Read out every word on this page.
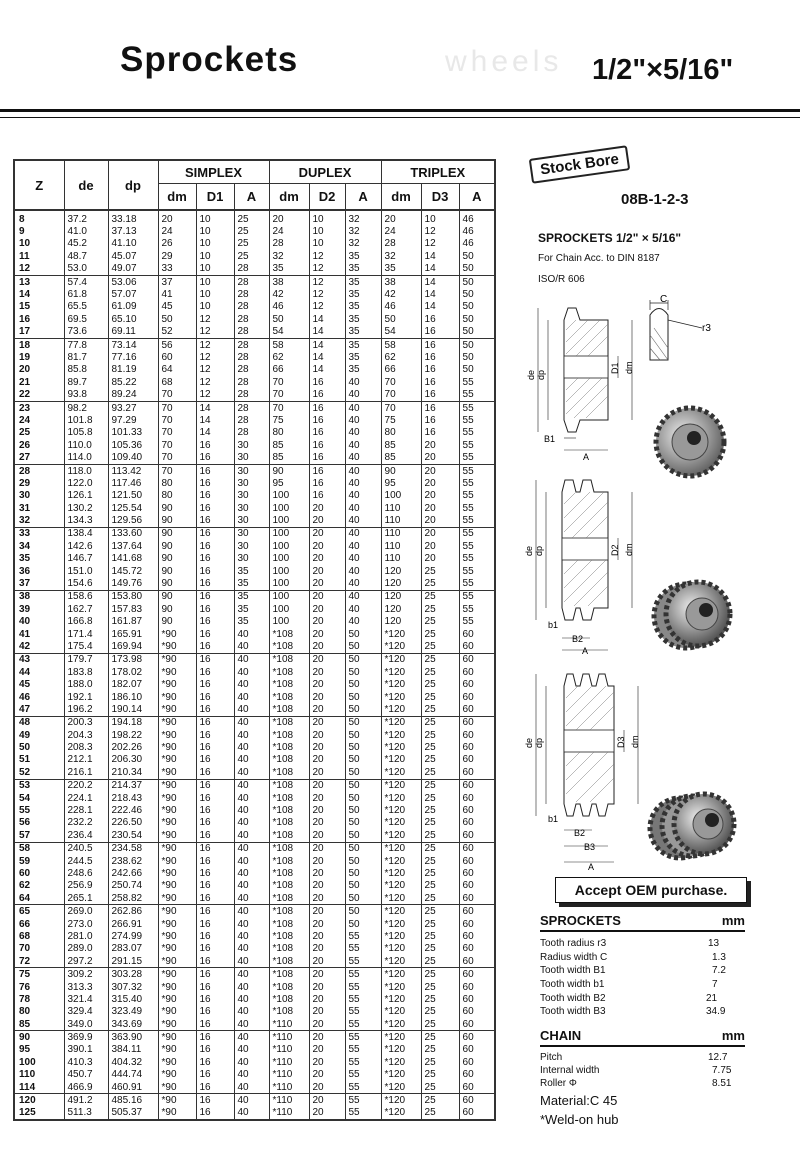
Sprockets	wheels 1/2"×5/16"
Z	de	dp	SIMPLEX			DUPLEX			TRIPLEX		
			dm	D1	A	dm	D2	A	dm	D3	A
8	37.2	33.18	20	10	25	20	10	32	20	10	46
9	41.0	37.13	24	10	25	24	10	32	24	12	46
10	45.2	41.10	26	10	25	28	10	32	28	12	46
11	48.7	45.07	29	10	25	32	12	35	32	14	50
12	53.0	49.07	33	10	28	35	12	35	35	14	50
13	57.4	53.06	37	10	28	38	12	35	38	14	50
14	61.8	57.07	41	10	28	42	12	35	42	14	50
15	65.5	61.09	45	10	28	46	12	35	46	14	50
16	69.5	65.10	50	12	28	50	14	35	50	16	50
17	73.6	69.11	52	12	28	54	14	35	54	16	50
18	77.8	73.14	56	12	28	58	14	35	58	16	50
19	81.7	77.16	60	12	28	62	14	35	62	16	50
20	85.8	81.19	64	12	28	66	14	35	66	16	50
21	89.7	85.22	68	12	28	70	16	40	70	16	55
22	93.8	89.24	70	12	28	70	16	40	70	16	55
23	98.2	93.27	70	14	28	70	16	40	70	16	55
24	101.8	97.29	70	14	28	75	16	40	75	16	55
25	105.8	101.33	70	14	28	80	16	40	80	16	55
26	110.0	105.36	70	16	30	85	16	40	85	20	55
27	114.0	109.40	70	16	30	85	16	40	85	20	55
28	118.0	113.42	70	16	30	90	16	40	90	20	55
29	122.0	117.46	80	16	30	95	16	40	95	20	55
30	126.1	121.50	80	16	30	100	16	40	100	20	55
31	130.2	125.54	90	16	30	100	20	40	110	20	55
32	134.3	129.56	90	16	30	100	20	40	110	20	55
33	138.4	133.60	90	16	30	100	20	40	110	20	55
34	142.6	137.64	90	16	30	100	20	40	110	20	55
35	146.7	141.68	90	16	30	100	20	40	110	20	55
36	151.0	145.72	90	16	35	100	20	40	120	25	55
37	154.6	149.76	90	16	35	100	20	40	120	25	55
38	158.6	153.80	90	16	35	100	20	40	120	25	55
39	162.7	157.83	90	16	35	100	20	40	120	25	55
40	166.8	161.87	90	16	35	100	20	40	120	25	55
41	171.4	165.91	*90	16	40	*108	20	50	*120	25	60
42	175.4	169.94	*90	16	40	*108	20	50	*120	25	60
43	179.7	173.98	*90	16	40	*108	20	50	*120	25	60
44	183.8	178.02	*90	16	40	*108	20	50	*120	25	60
45	188.0	182.07	*90	16	40	*108	20	50	*120	25	60
46	192.1	186.10	*90	16	40	*108	20	50	*120	25	60
47	196.2	190.14	*90	16	40	*108	20	50	*120	25	60
48	200.3	194.18	*90	16	40	*108	20	50	*120	25	60
49	204.3	198.22	*90	16	40	*108	20	50	*120	25	60
50	208.3	202.26	*90	16	40	*108	20	50	*120	25	60
51	212.1	206.30	*90	16	40	*108	20	50	*120	25	60
52	216.1	210.34	*90	16	40	*108	20	50	*120	25	60
53	220.2	214.37	*90	16	40	*108	20	50	*120	25	60
54	224.1	218.43	*90	16	40	*108	20	50	*120	25	60
55	228.1	222.46	*90	16	40	*108	20	50	*120	25	60
56	232.2	226.50	*90	16	40	*108	20	50	*120	25	60
57	236.4	230.54	*90	16	40	*108	20	50	*120	25	60
58	240.5	234.58	*90	16	40	*108	20	50	*120	25	60
59	244.5	238.62	*90	16	40	*108	20	50	*120	25	60
60	248.6	242.66	*90	16	40	*108	20	50	*120	25	60
62	256.9	250.74	*90	16	40	*108	20	50	*120	25	60
64	265.1	258.82	*90	16	40	*108	20	50	*120	25	60
65	269.0	262.86	*90	16	40	*108	20	50	*120	25	60
66	273.0	266.91	*90	16	40	*108	20	50	*120	25	60
68	281.0	274.99	*90	16	40	*108	20	55	*120	25	60
70	289.0	283.07	*90	16	40	*108	20	55	*120	25	60
72	297.2	291.15	*90	16	40	*108	20	55	*120	25	60
75	309.2	303.28	*90	16	40	*108	20	55	*120	25	60
76	313.3	307.32	*90	16	40	*108	20	55	*120	25	60
78	321.4	315.40	*90	16	40	*108	20	55	*120	25	60
80	329.4	323.49	*90	16	40	*108	20	55	*120	25	60
85	349.0	343.69	*90	16	40	*110	20	55	*120	25	60
90	369.9	363.90	*90	16	40	*110	20	55	*120	25	60
95	390.1	384.11	*90	16	40	*110	20	55	*120	25	60
100	410.3	404.32	*90	16	40	*110	20	55	*120	25	60
110	450.7	444.74	*90	16	40	*110	20	55	*120	25	60
114	466.9	460.91	*90	16	40	*110	20	55	*120	25	60
120	491.2	485.16	*90	16	40	*110	20	55	*120	25	60
125	511.3	505.37	*90	16	40	*110	20	55	*120	25	60
Stock Bore
08B-1-2-3
SPROCKETS 1/2" × 5/16"
For Chain Acc. to DIN 8187
ISO/R 606
C
r3
de dp
D1 dm
B1
A
de dp	D2 dm
b1
B2
A
de dp	D3 dm
b1
B2
B3
A
Accept OEM purchase.
SPROCKETS	mm
Tooth radius r3	13
Radius width C	1.3
Tooth width B1	7.2
Tooth width b1	7
Tooth width B2	21
Tooth width B3	34.9
CHAIN	mm
Pitch	12.7
Internal width	7.75
Roller Φ	8.51
Material:C 45
*Weld-on hub
